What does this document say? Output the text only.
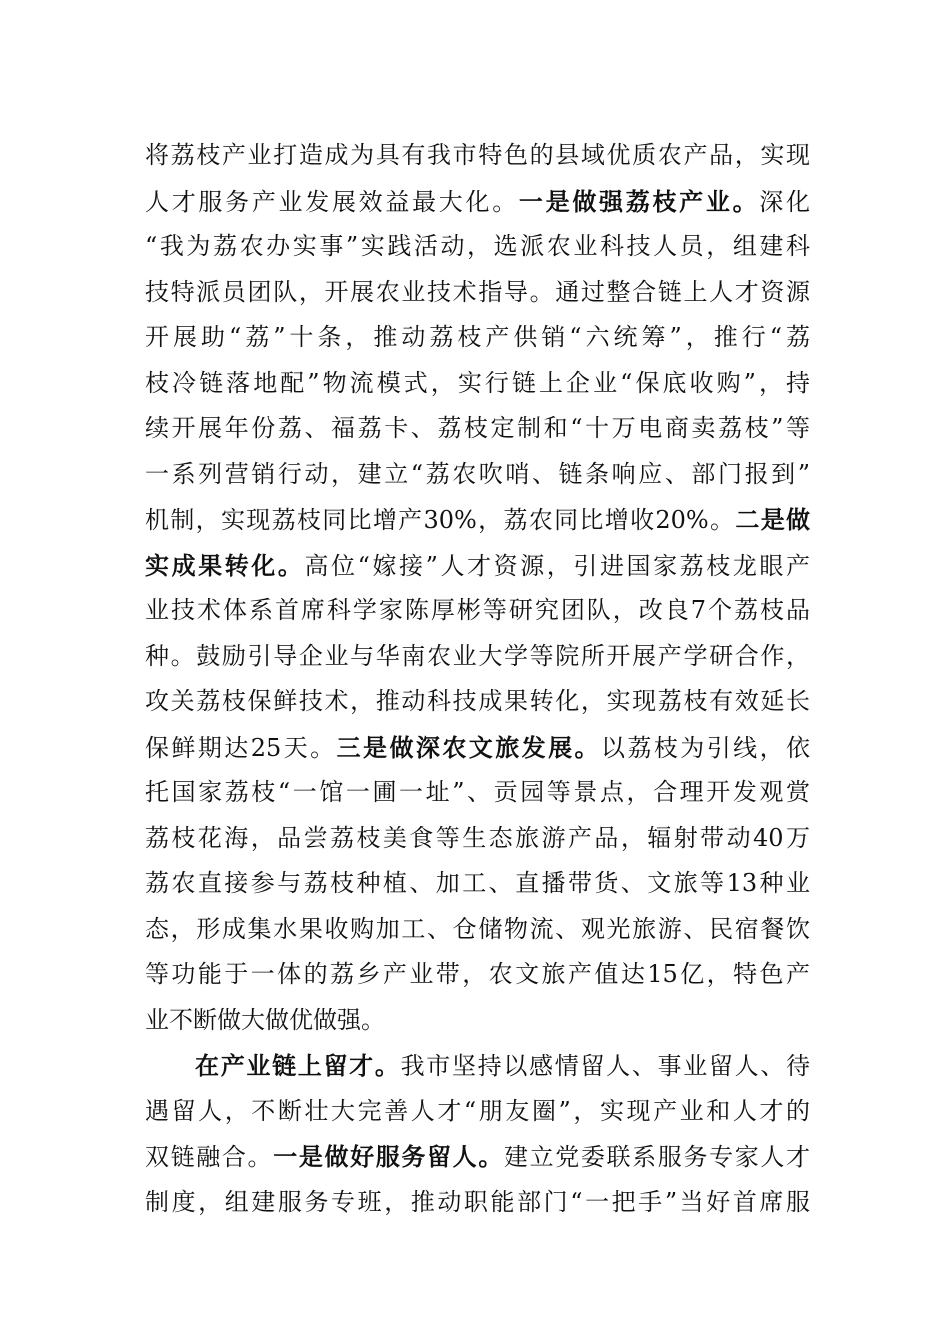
将荔枝产业打造成为具有我市特色的县域优质农产品，实现
人才服务产业发展效益最大化。一是做强荔枝产业。深化
“我为荔农办实事”实践活动，选派农业科技人员，组建科
技特派员团队，开展农业技术指导。通过整合链上人才资源
开展助“荔”十条，推动荔枝产供销“六统筹”，推行“荔
枝冷链落地配”物流模式，实行链上企业“保底收购”，持
续开展年份荔、福荔卡、荔枝定制和“十万电商卖荔枝”等
一系列营销行动，建立“荔农吹哨、链条响应、部门报到”
机制，实现荔枝同比增产30%，荔农同比增收20%。二是做
实成果转化。高位“嫁接”人才资源，引进国家荔枝龙眼产
业技术体系首席科学家陈厚彬等研究团队，改良7个荔枝品
种。鼓励引导企业与华南农业大学等院所开展产学研合作，
攻关荔枝保鲜技术，推动科技成果转化，实现荔枝有效延长
保鲜期达25天。三是做深农文旅发展。以荔枝为引线，依
托国家荔枝“一馆一圃一址”、贡园等景点，合理开发观赏
荔枝花海，品尝荔枝美食等生态旅游产品，辐射带动40万
荔农直接参与荔枝种植、加工、直播带货、文旅等13种业
态，形成集水果收购加工、仓储物流、观光旅游、民宿餐饮
等功能于一体的荔乡产业带，农文旅产值达15亿，特色产
业不断做大做优做强。
在产业链上留才。我市坚持以感情留人、事业留人、待
遇留人，不断壮大完善人才“朋友圈”，实现产业和人才的
双链融合。一是做好服务留人。建立党委联系服务专家人才
制度，组建服务专班，推动职能部门“一把手”当好首席服
